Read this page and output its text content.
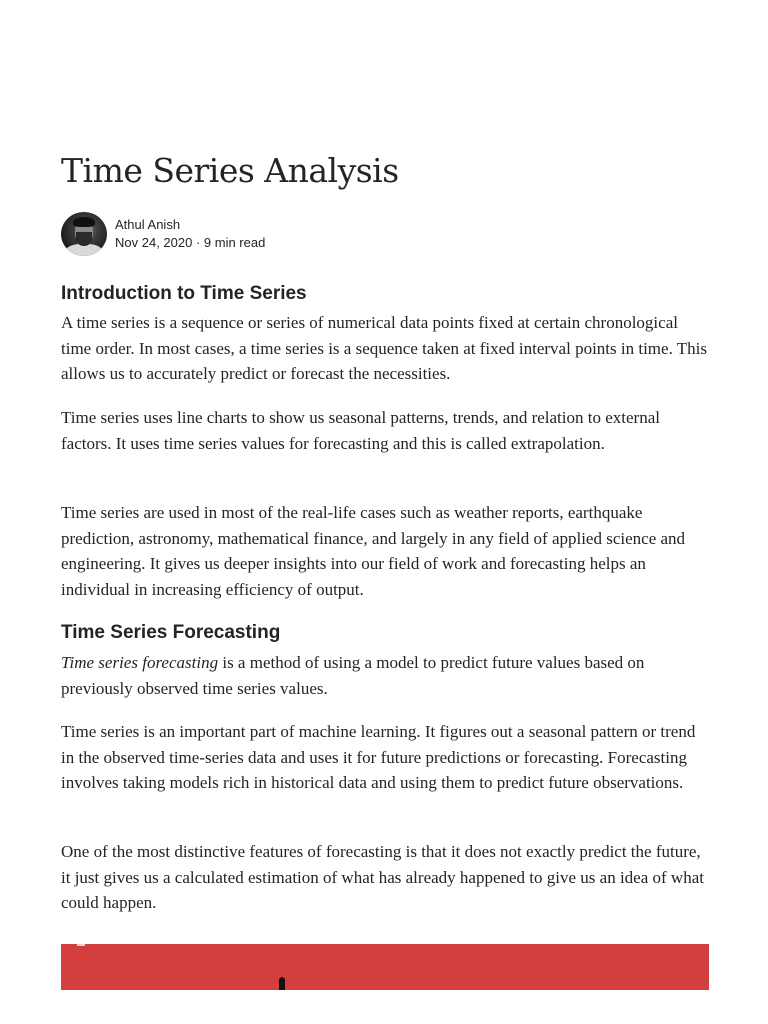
Time Series Analysis
Athul Anish
Nov 24, 2020 · 9 min read
Introduction to Time Series

A time series is a sequence or series of numerical data points fixed at certain chronological time order. In most cases, a time series is a sequence taken at fixed interval points in time. This allows us to accurately predict or forecast the necessities.

Time series uses line charts to show us seasonal patterns, trends, and relation to external factors. It uses time series values for forecasting and this is called extrapolation.

Time series are used in most of the real-life cases such as weather reports, earthquake prediction, astronomy, mathematical finance, and largely in any field of applied science and engineering. It gives us deeper insights into our field of work and forecasting helps an individual in increasing efficiency of output.

Time Series Forecasting

Time series forecasting is a method of using a model to predict future values based on previously observed time series values.

Time series is an important part of machine learning. It figures out a seasonal pattern or trend in the observed time-series data and uses it for future predictions or forecasting. Forecasting involves taking models rich in historical data and using them to predict future observations.

One of the most distinctive features of forecasting is that it does not exactly predict the future, it just gives us a calculated estimation of what has already happened to give us an idea of what could happen.
